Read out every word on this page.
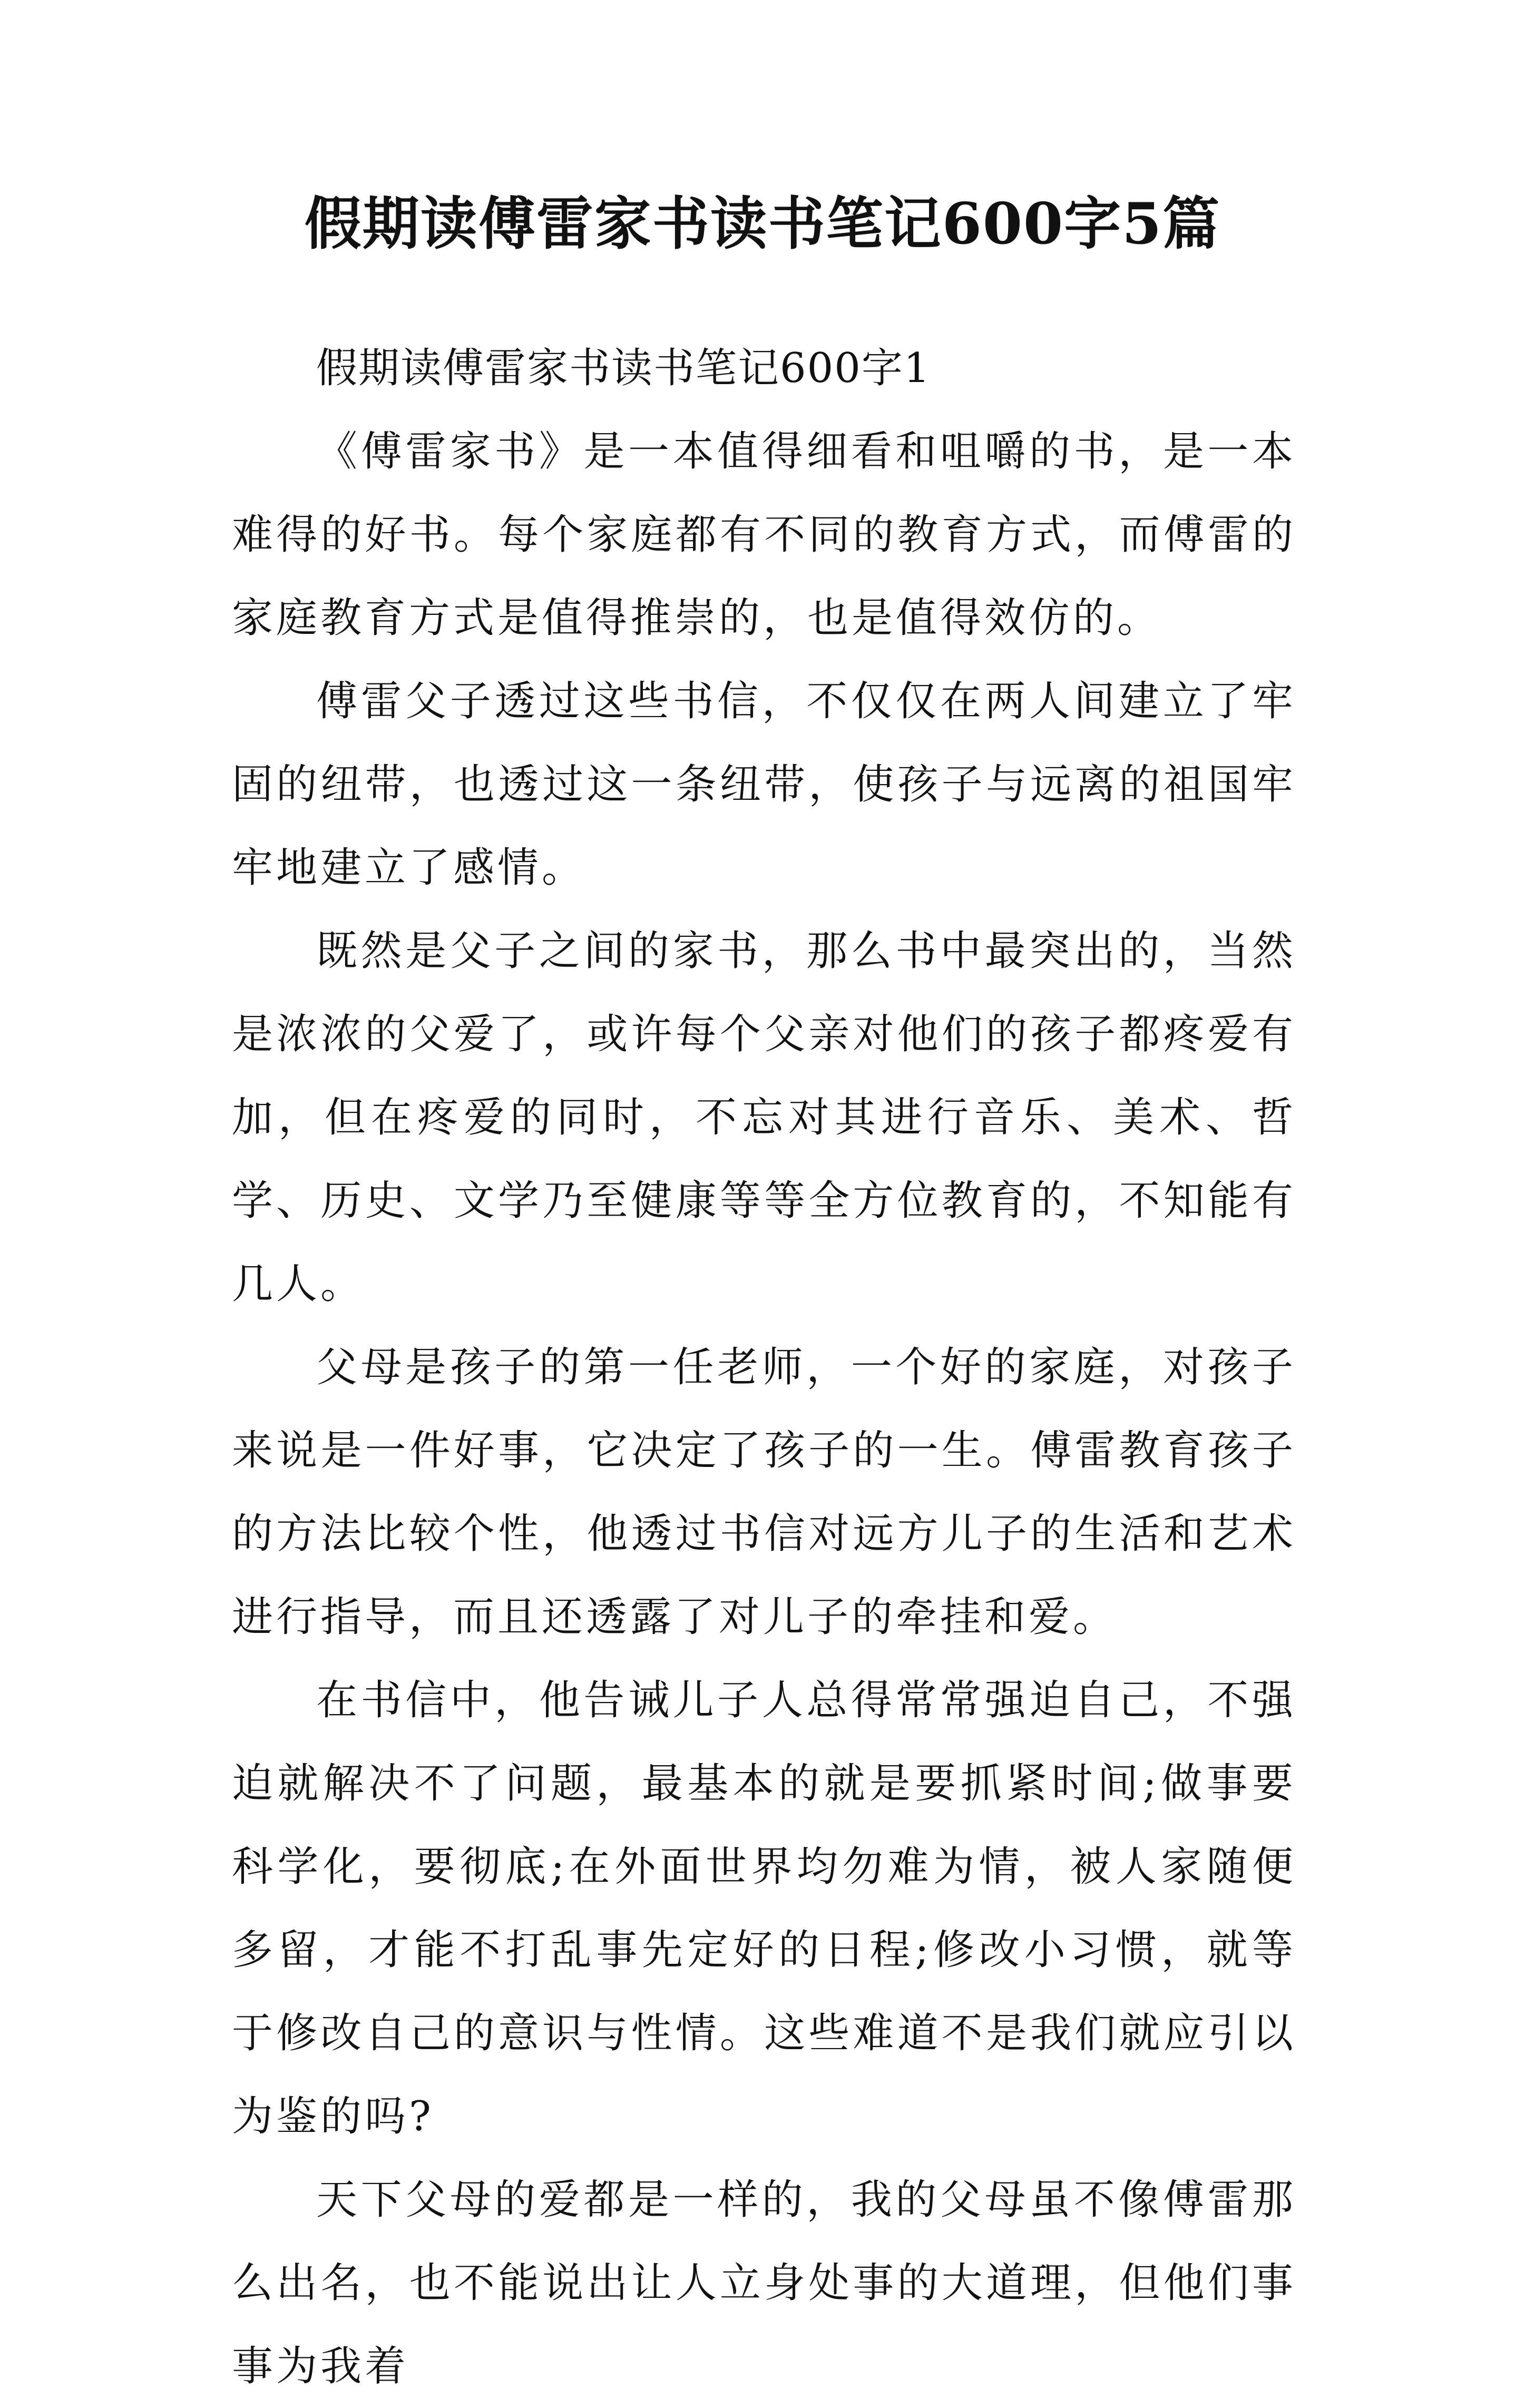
假期读傅雷家书读书笔记600字5篇

假期读傅雷家书读书笔记600字1

《傅雷家书》是一本值得细看和咀嚼的书，是一本难得的好书。每个家庭都有不同的教育方式，而傅雷的家庭教育方式是值得推崇的，也是值得效仿的。

傅雷父子透过这些书信，不仅仅在两人间建立了牢固的纽带，也透过这一条纽带，使孩子与远离的祖国牢牢地建立了感情。

既然是父子之间的家书，那么书中最突出的，当然是浓浓的父爱了，或许每个父亲对他们的孩子都疼爱有加，但在疼爱的同时，不忘对其进行音乐、美术、哲学、历史、文学乃至健康等等全方位教育的，不知能有几人。

父母是孩子的第一任老师，一个好的家庭，对孩子来说是一件好事，它决定了孩子的一生。傅雷教育孩子的方法比较个性，他透过书信对远方儿子的生活和艺术进行指导，而且还透露了对儿子的牵挂和爱。

在书信中，他告诫儿子人总得常常强迫自己，不强迫就解决不了问题，最基本的就是要抓紧时间;做事要科学化，要彻底;在外面世界均勿难为情，被人家随便多留，才能不打乱事先定好的日程;修改小习惯，就等于修改自己的意识与性情。这些难道不是我们就应引以为鉴的吗?

天下父母的爱都是一样的，我的父母虽不像傅雷那么出名，也不能说出让人立身处事的大道理，但他们事事为我着
